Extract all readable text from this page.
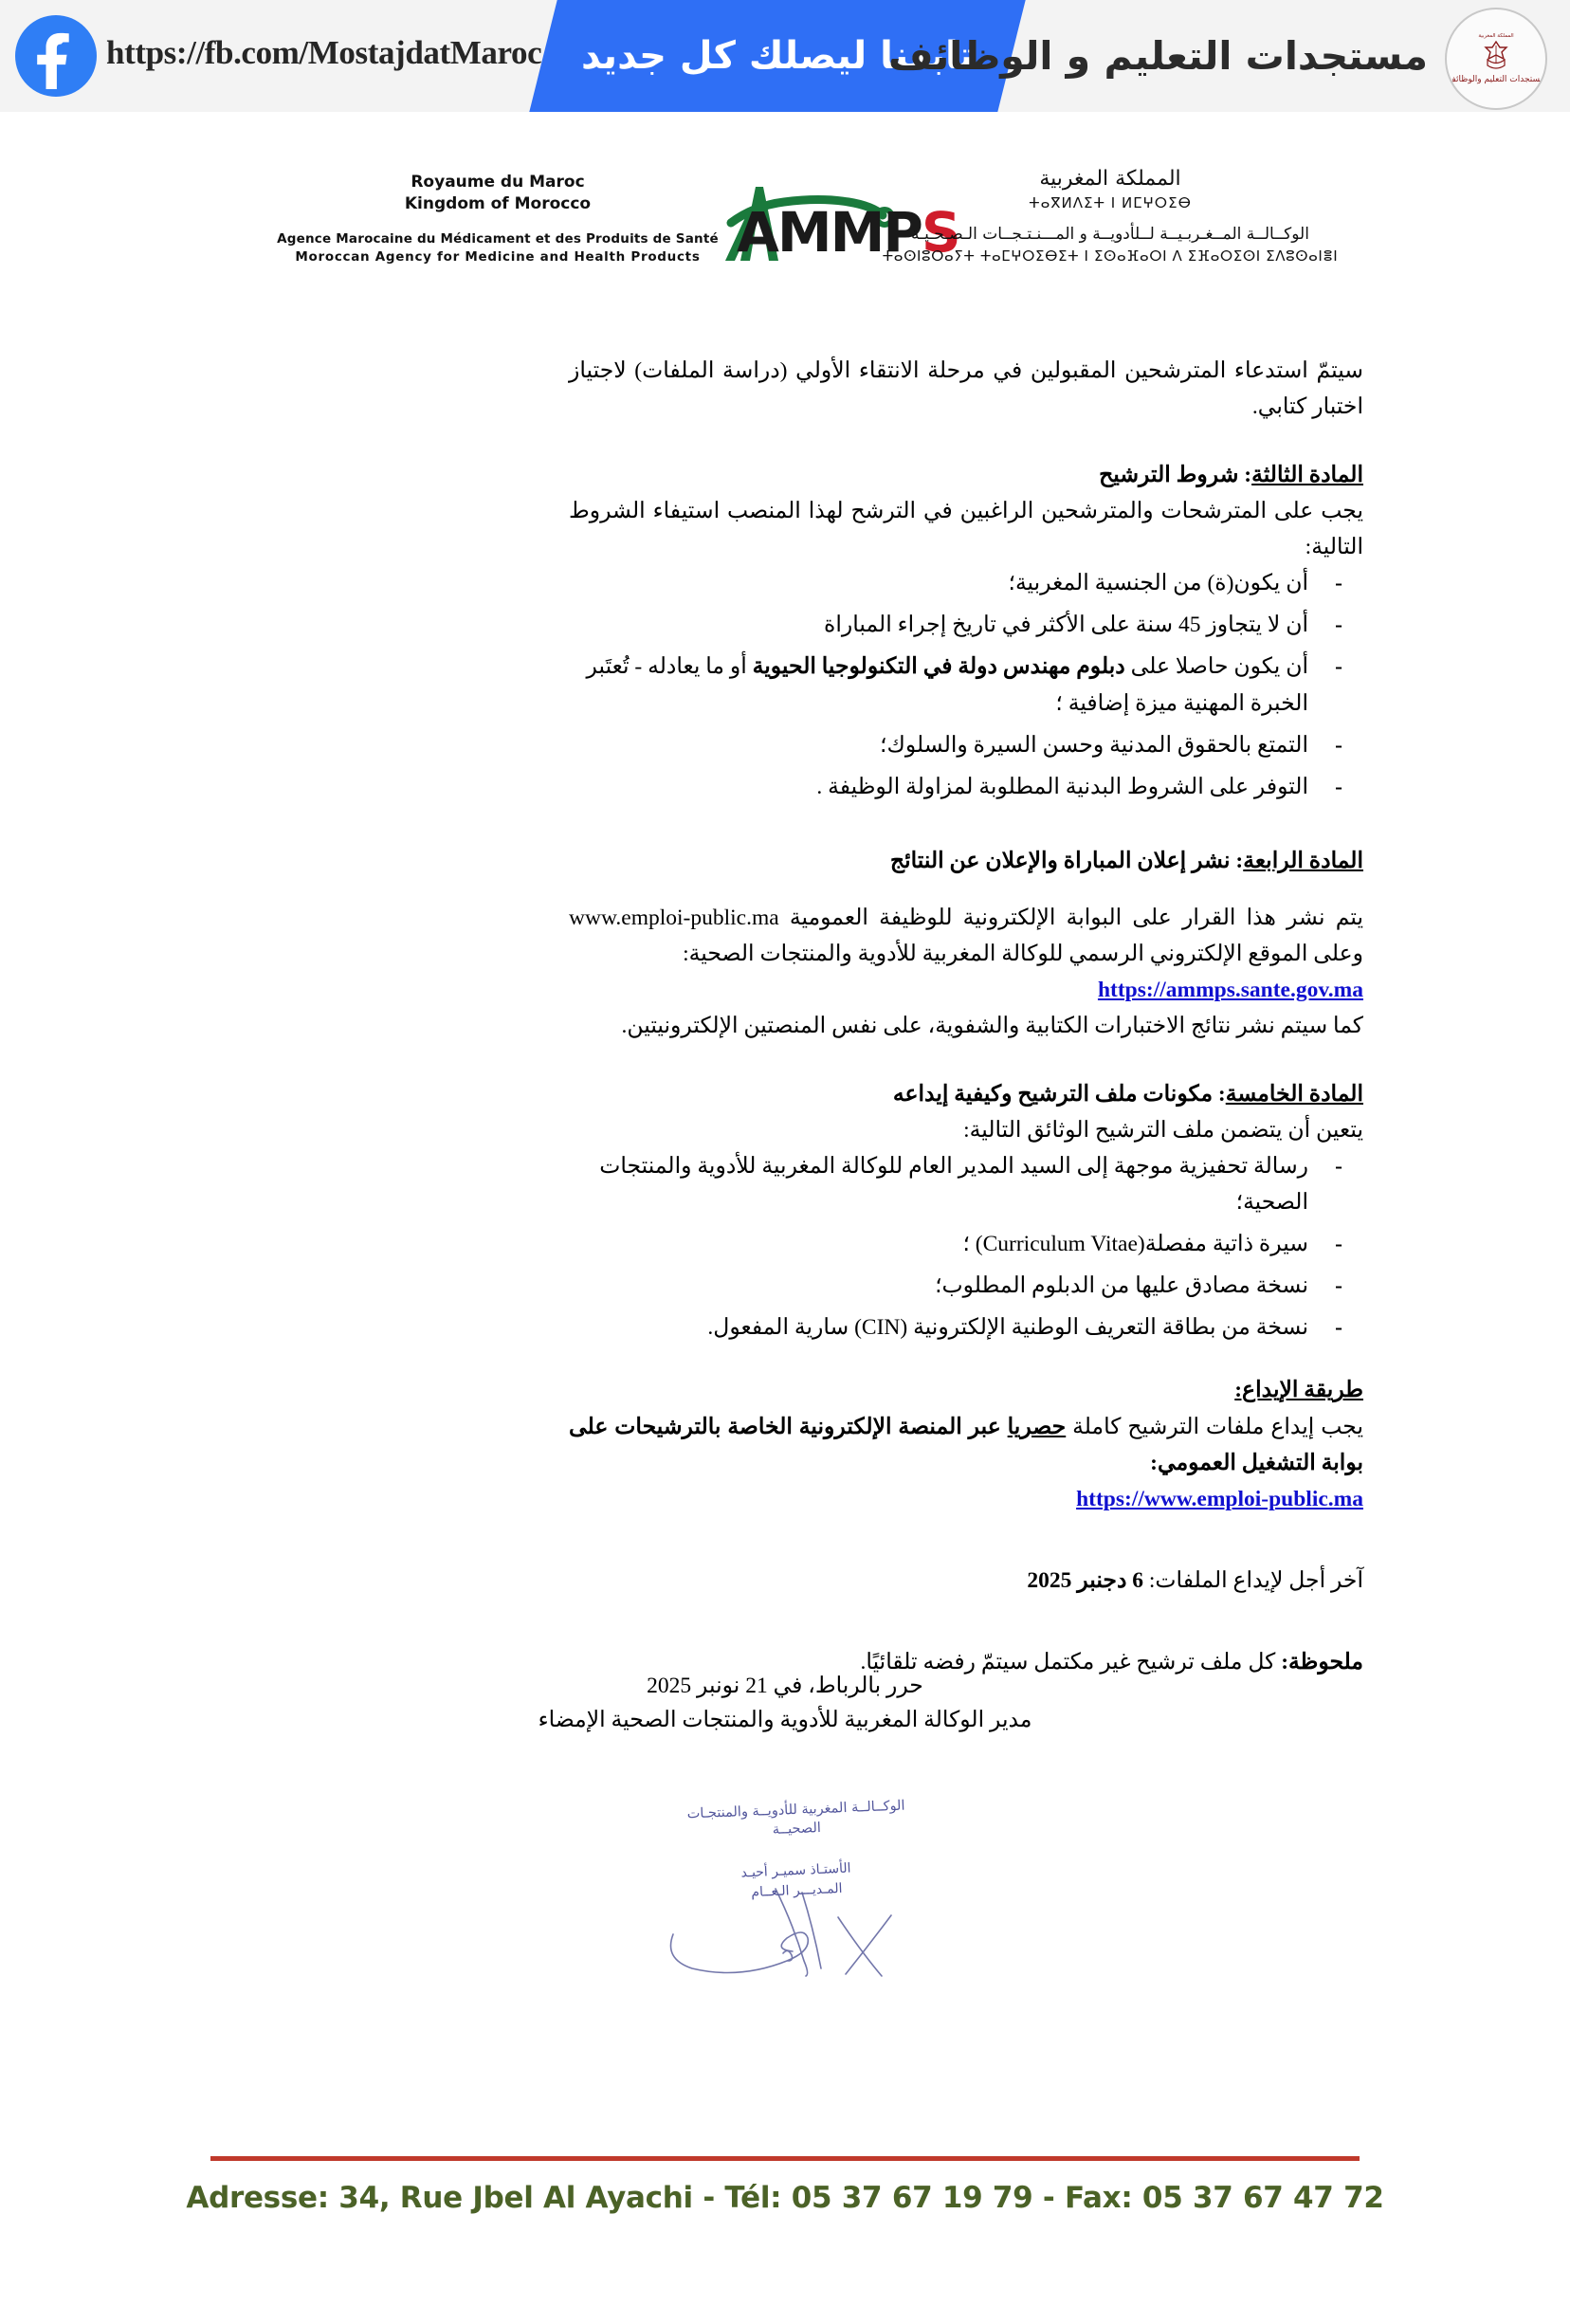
https://fb.com/MostajdatMaroc	تابعنا ليصلك كل جديد
مستجدات التعليم و الوظائف	المملكة المغربية
مستجدات التعليم والوظائف
Royaume du Maroc
Kingdom of Morocco
Agence Marocaine du Médicament et des Produits de Santé
Moroccan Agency for Medicine and Health Products AMMPS
المملكة المغربية
ⵜⴰⴳⵍⴷⵉⵜ ⵏ ⵍⵎⵖⵔⵉⴱ
الوكــالــة المــغـربـيــة لــلأدويــة و المـــنـتـجــات الـصـحـيـة
ⵜⴰⵙⵏⵓⵔⴰⵢⵜ ⵜⴰⵎⵖⵔⵉⴱⵉⵜ ⵏ ⵉⵙⴰⴼⴰⵔⵏ ⴷ ⵉⴼⴰⵔⵉⵙⵏ ⵉⴷⵓⵙⴰⵏⴻⵏ

سيتمّ استدعاء المترشحين المقبولين في مرحلة الانتقاء الأولي (دراسة الملفات) لاجتياز اختبار كتابي.

المادة الثالثة: شروط الترشيح

يجب على المترشحات والمترشحين الراغبين في الترشح لهذا المنصب استيفاء الشروط التالية:

- أن يكون(ة) من الجنسية المغربية؛
- أن لا يتجاوز 45 سنة على الأكثر في تاريخ إجراء المباراة
- أن يكون حاصلا على دبلوم مهندس دولة في التكنولوجيا الحيوية أو ما يعادله - تُعتَبر الخبرة المهنية ميزة إضافية ؛
- التمتع بالحقوق المدنية وحسن السيرة والسلوك؛
- التوفر على الشروط البدنية المطلوبة لمزاولة الوظيفة .

المادة الرابعة: نشر إعلان المباراة والإعلان عن النتائج

يتم نشر هذا القرار على البوابة الإلكترونية للوظيفة العمومية www.emploi-public.ma وعلى الموقع الإلكتروني الرسمي للوكالة المغربية للأدوية والمنتجات الصحية:

https://ammps.sante.gov.ma

كما سيتم نشر نتائج الاختبارات الكتابية والشفوية، على نفس المنصتين الإلكترونيتين.

المادة الخامسة: مكونات ملف الترشيح وكيفية إيداعه

يتعين أن يتضمن ملف الترشيح الوثائق التالية:

- رسالة تحفيزية موجهة إلى السيد المدير العام للوكالة المغربية للأدوية والمنتجات الصحية؛
- سيرة ذاتية مفصلة(Curriculum Vitae) ؛
- نسخة مصادق عليها من الدبلوم المطلوب؛
- نسخة من بطاقة التعريف الوطنية الإلكترونية (CIN) سارية المفعول.

طريقة الإيداع:

يجب إيداع ملفات الترشيح كاملة حصريا عبر المنصة الإلكترونية الخاصة بالترشيحات على بوابة التشغيل العمومي:

https://www.emploi-public.ma

آخر أجل لإيداع الملفات: 6 دجنبر 2025

ملحوظة: كل ملف ترشيح غير مكتمل سيتمّ رفضه تلقائيًا.

حرر بالرباط، في 21 نونبر 2025
مدير الوكالة المغربية للأدوية والمنتجات الصحية الإمضاء
الوكــالــة المغربية للأدويــة والمنتجـات
الصحيــة
الأستـاذ سميـر أحيـد
المـديـــر الـعــام
Adresse: 34, Rue Jbel Al Ayachi - Tél: 05 37 67 19 79 - Fax: 05 37 67 47 72
